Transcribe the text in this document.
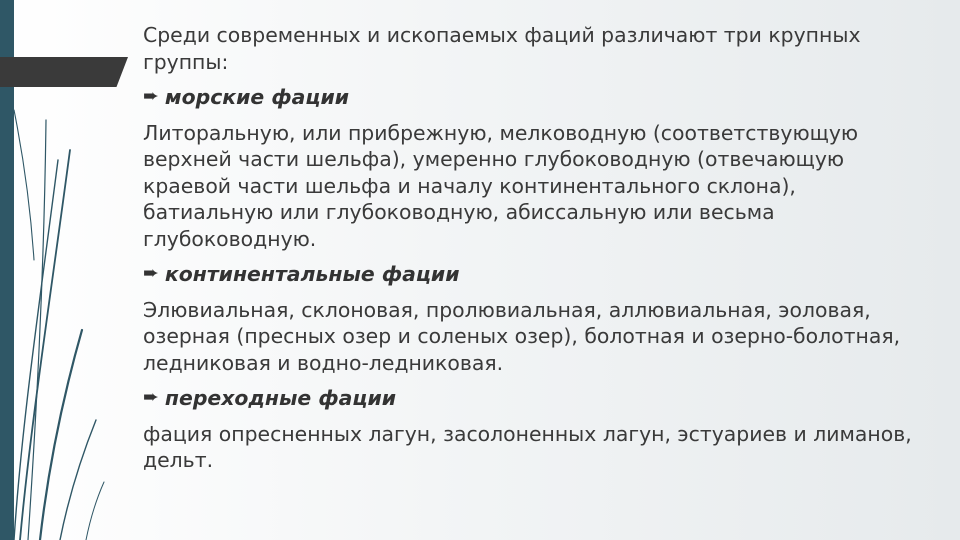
Среди современных и ископаемых фаций различают три крупных группы:

➨ морские фации

Литоральную, или прибрежную, мелководную (соответствующую верхней части шельфа), умеренно глубоководную (отвечающую краевой части шельфа и началу континентального склона), батиальную или глубоководную, абиссальную или весьма глубоководную.

➨ континентальные фации

Элювиальная, склоновая, пролювиальная, аллювиальная, эоловая, озерная (пресных озер и соленых озер), болотная и озерно-болотная, ледниковая и водно-ледниковая.

➨ переходные фации

фация опресненных лагун, засолоненных лагун, эстуариев и лиманов, дельт.
